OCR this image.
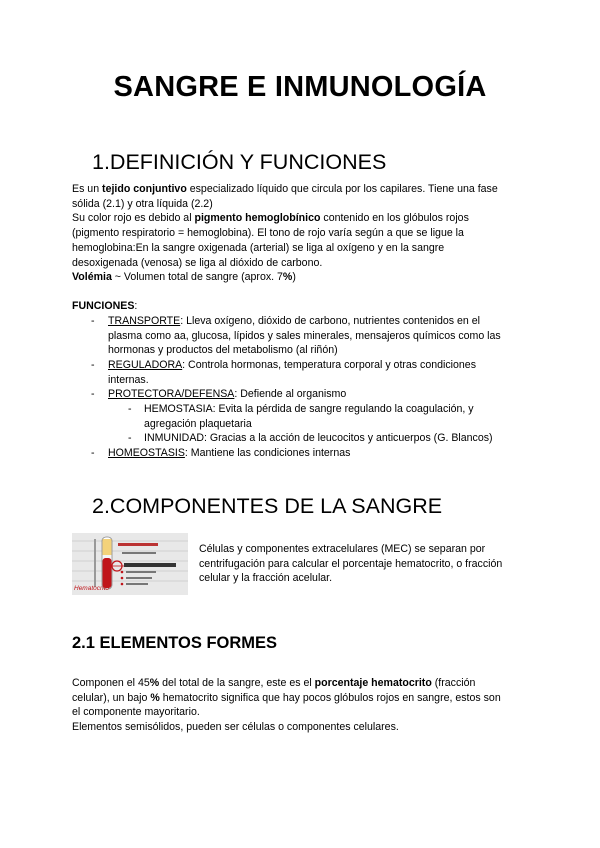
SANGRE E INMUNOLOGÍA
1.DEFINICIÓN Y FUNCIONES
Es un tejido conjuntivo especializado líquido que circula por los capilares. Tiene una fase
sólida (2.1) y otra líquida (2.2)
Su color rojo es debido al pigmento hemoglobínico contenido en los glóbulos rojos
(pigmento respiratorio = hemoglobina). El tono de rojo varía según a que se ligue la
hemoglobina:En la sangre oxigenada (arterial) se liga al oxígeno y en la sangre
desoxigenada (venosa) se liga al dióxido de carbono.
Volémia ~ Volumen total de sangre (aprox. 7%)
FUNCIONES:
- TRANSPORTE: Lleva oxígeno, dióxido de carbono, nutrientes contenidos en el
plasma como aa, glucosa, lípidos y sales minerales, mensajeros químicos como las
hormonas y productos del metabolismo (al riñón)
- REGULADORA: Controla hormonas, temperatura corporal y otras condiciones
internas.
- PROTECTORA/DEFENSA: Defiende al organismo
- HEMOSTASIA: Evita la pérdida de sangre regulando la coagulación, y
agregación plaquetaria
- INMUNIDAD: Gracias a la acción de leucocitos y anticuerpos (G. Blancos)
- HOMEOSTASIS: Mantiene las condiciones internas
2.COMPONENTES DE LA SANGRE
Hematocrito
Células y componentes extracelulares (MEC) se separan por
centrifugación para calcular el porcentaje hematocrito, o fracción
celular y la fracción acelular.
2.1 ELEMENTOS FORMES
Componen el 45% del total de la sangre, este es el porcentaje hematocrito (fracción
celular), un bajo % hematocrito significa que hay pocos glóbulos rojos en sangre, estos son
el componente mayoritario.
Elementos semisólidos, pueden ser células o componentes celulares.
